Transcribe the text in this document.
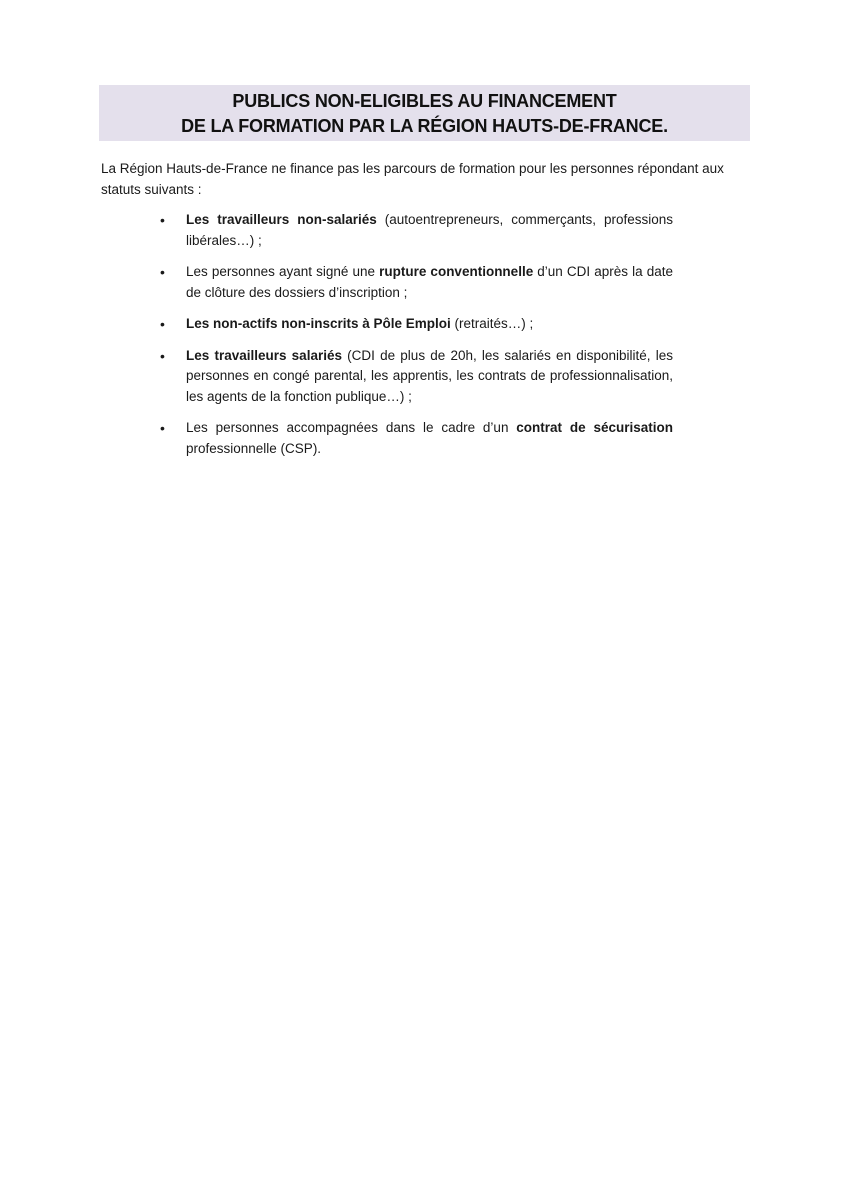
PUBLICS NON-ELIGIBLES AU FINANCEMENT
DE LA FORMATION PAR LA RÉGION HAUTS-DE-FRANCE.

La Région Hauts-de-France ne finance pas les parcours de formation pour les personnes répondant aux statuts suivants :

• Les travailleurs non-salariés (autoentrepreneurs, commerçants, professions libérales…) ;
• Les personnes ayant signé une rupture conventionnelle d’un CDI après la date de clôture des dossiers d’inscription ;
• Les non-actifs non-inscrits à Pôle Emploi (retraités…) ;
• Les travailleurs salariés (CDI de plus de 20h, les salariés en disponibilité, les personnes en congé parental, les apprentis, les contrats de professionnalisation, les agents de la fonction publique…) ;
• Les personnes accompagnées dans le cadre d’un contrat de sécurisation professionnelle (CSP).
